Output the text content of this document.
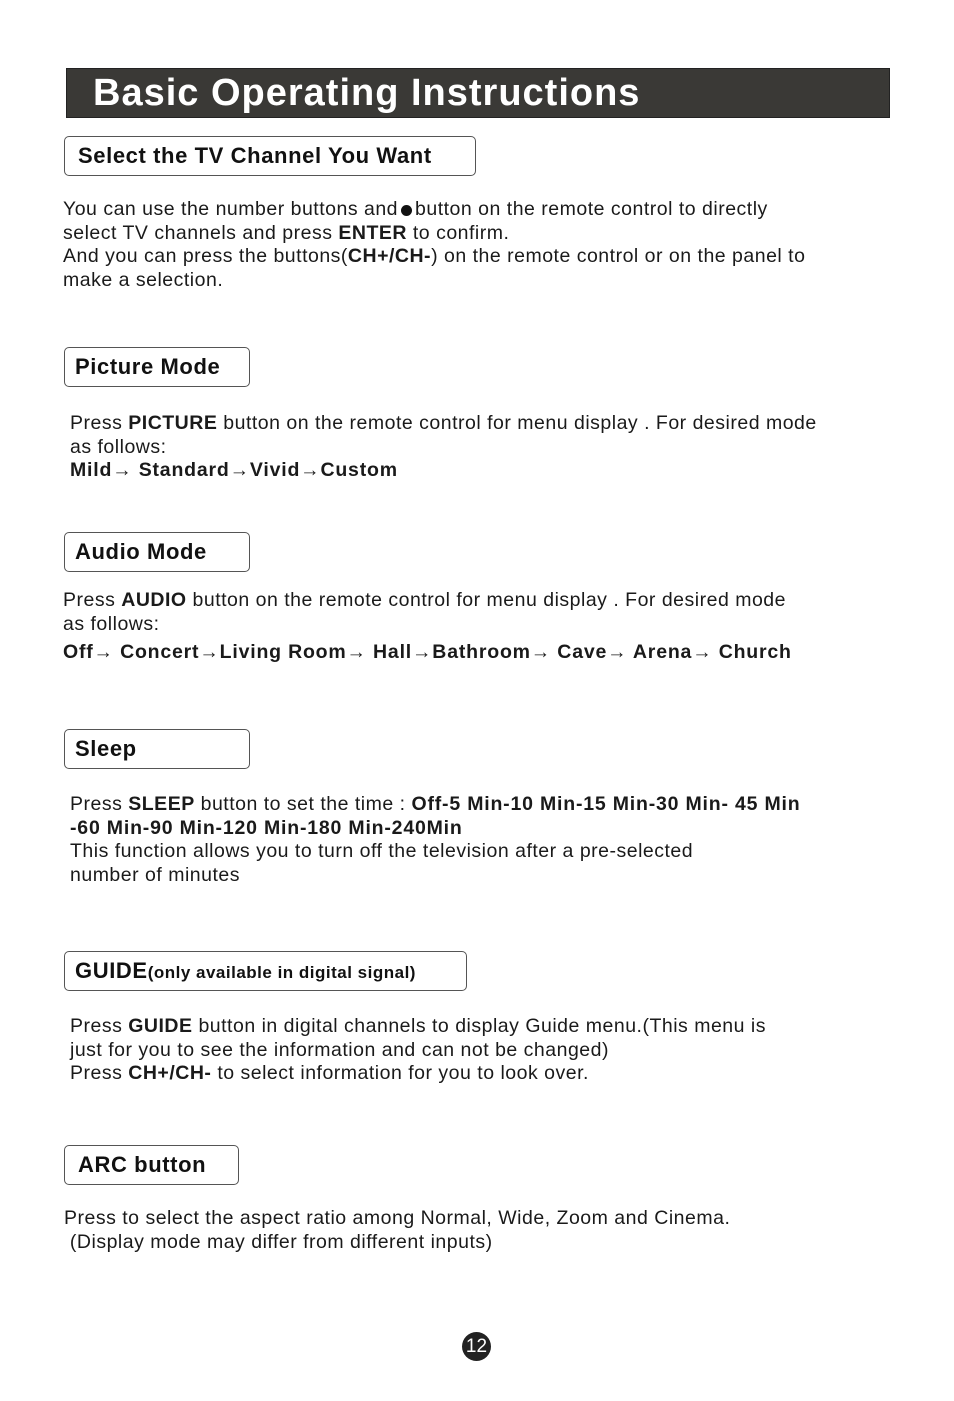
Basic Operating Instructions
Select the TV Channel You Want
You can use the number buttons and button on the remote control to directly
select TV channels and press ENTER to confirm.
And you can press the buttons(CH+/CH-) on the remote control or on the panel to
make a selection.
Picture Mode
Press PICTURE button on the remote control for menu display . For desired mode
as follows:
Mild→ Standard→Vivid→Custom
Audio Mode
Press AUDIO button on the remote control for menu display . For desired mode
as follows:
Off→ Concert→Living Room→ Hall→Bathroom→ Cave→ Arena→ Church
Sleep
Press SLEEP button to set the time : Off-5 Min-10 Min-15 Min-30 Min- 45 Min
-60 Min-90 Min-120 Min-180 Min-240Min
This function allows you to turn off the television after a pre-selected
number of minutes
GUIDE(only available in digital signal)
Press GUIDE button in digital channels to display Guide menu.(This menu is
just for you to see the information and can not be changed)
Press CH+/CH- to select information for you to look over.
ARC button
Press to select the aspect ratio among Normal, Wide, Zoom and Cinema.
(Display mode may differ from different inputs)
12
